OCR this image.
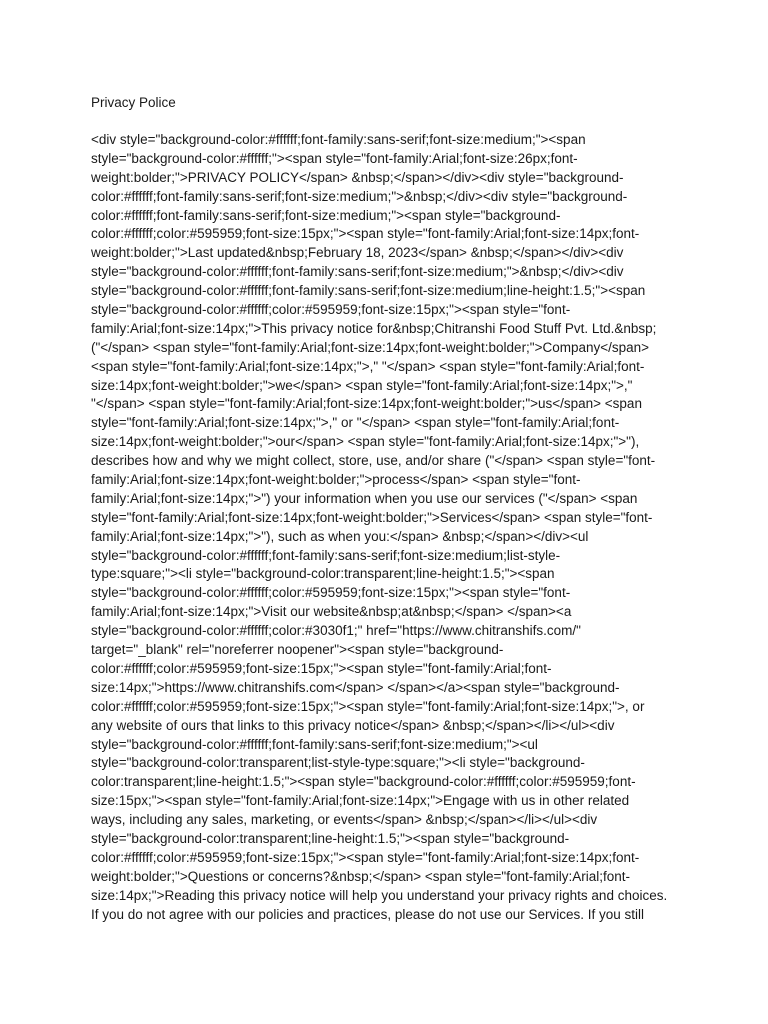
Privacy Police

<div style="background-color:#ffffff;font-family:sans-serif;font-size:medium;"><span
style="background-color:#ffffff;"><span style="font-family:Arial;font-size:26px;font-
weight:bolder;">PRIVACY POLICY</span> &nbsp;</span></div><div style="background-
color:#ffffff;font-family:sans-serif;font-size:medium;">&nbsp;</div><div style="background-
color:#ffffff;font-family:sans-serif;font-size:medium;"><span style="background-
color:#ffffff;color:#595959;font-size:15px;"><span style="font-family:Arial;font-size:14px;font-
weight:bolder;">Last updated&nbsp;February 18, 2023</span> &nbsp;</span></div><div
style="background-color:#ffffff;font-family:sans-serif;font-size:medium;">&nbsp;</div><div
style="background-color:#ffffff;font-family:sans-serif;font-size:medium;line-height:1.5;"><span
style="background-color:#ffffff;color:#595959;font-size:15px;"><span style="font-
family:Arial;font-size:14px;">This privacy notice for&nbsp;Chitranshi Food Stuff Pvt. Ltd.&nbsp;
("</span> <span style="font-family:Arial;font-size:14px;font-weight:bolder;">Company</span>
<span style="font-family:Arial;font-size:14px;">," "</span> <span style="font-family:Arial;font-
size:14px;font-weight:bolder;">we</span> <span style="font-family:Arial;font-size:14px;">,"
"</span> <span style="font-family:Arial;font-size:14px;font-weight:bolder;">us</span> <span
style="font-family:Arial;font-size:14px;">," or "</span> <span style="font-family:Arial;font-
size:14px;font-weight:bolder;">our</span> <span style="font-family:Arial;font-size:14px;">"),
describes how and why we might collect, store, use, and/or share ("</span> <span style="font-
family:Arial;font-size:14px;font-weight:bolder;">process</span> <span style="font-
family:Arial;font-size:14px;">") your information when you use our services ("</span> <span
style="font-family:Arial;font-size:14px;font-weight:bolder;">Services</span> <span style="font-
family:Arial;font-size:14px;">"), such as when you:</span> &nbsp;</span></div><ul
style="background-color:#ffffff;font-family:sans-serif;font-size:medium;list-style-
type:square;"><li style="background-color:transparent;line-height:1.5;"><span
style="background-color:#ffffff;color:#595959;font-size:15px;"><span style="font-
family:Arial;font-size:14px;">Visit our website&nbsp;at&nbsp;</span> </span><a
style="background-color:#ffffff;color:#3030f1;" href="https://www.chitranshifs.com/"
target="_blank" rel="noreferrer noopener"><span style="background-
color:#ffffff;color:#595959;font-size:15px;"><span style="font-family:Arial;font-
size:14px;">https://www.chitranshifs.com</span> </span></a><span style="background-
color:#ffffff;color:#595959;font-size:15px;"><span style="font-family:Arial;font-size:14px;">, or
any website of ours that links to this privacy notice</span> &nbsp;</span></li></ul><div
style="background-color:#ffffff;font-family:sans-serif;font-size:medium;"><ul
style="background-color:transparent;list-style-type:square;"><li style="background-
color:transparent;line-height:1.5;"><span style="background-color:#ffffff;color:#595959;font-
size:15px;"><span style="font-family:Arial;font-size:14px;">Engage with us in other related
ways, including any sales, marketing, or events</span> &nbsp;</span></li></ul><div
style="background-color:transparent;line-height:1.5;"><span style="background-
color:#ffffff;color:#595959;font-size:15px;"><span style="font-family:Arial;font-size:14px;font-
weight:bolder;">Questions or concerns?&nbsp;</span> <span style="font-family:Arial;font-
size:14px;">Reading this privacy notice will help you understand your privacy rights and choices.
If you do not agree with our policies and practices, please do not use our Services. If you still
